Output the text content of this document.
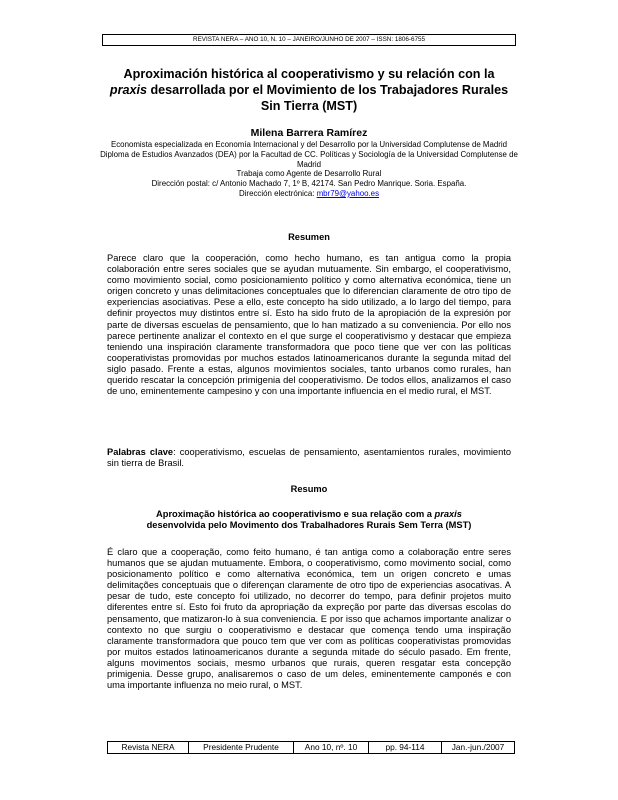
REVISTA NERA – ANO 10, N. 10 – JANEIRO/JUNHO DE 2007 – ISSN: 1806-6755
Aproximación histórica al cooperativismo y su relación con la
praxis desarrollada por el Movimiento de los Trabajadores Rurales Sin Tierra (MST)
Milena Barrera Ramírez
Economista especializada en Economía Internacional y del Desarrollo por la Universidad Complutense de Madrid
Diploma de Estudios Avanzados (DEA) por la Facultad de CC. Políticas y Sociología de la Universidad Complutense de Madrid
Trabaja como Agente de Desarrollo Rural
Dirección postal: c/ Antonio Machado 7, 1º B, 42174. San Pedro Manrique. Soria. España.
Dirección electrónica: mbr79@yahoo.es
Resumen

Parece claro que la cooperación, como hecho humano, es tan antigua como la propia colaboración entre seres sociales que se ayudan mutuamente. Sin embargo, el cooperativismo, como movimiento social, como posicionamiento político y como alternativa económica, tiene un origen concreto y unas delimitaciones conceptuales que lo diferencian claramente de otro tipo de experiencias asociativas. Pese a ello, este concepto ha sido utilizado, a lo largo del tiempo, para definir proyectos muy distintos entre sí. Esto ha sido fruto de la apropiación de la expresión por parte de diversas escuelas de pensamiento, que lo han matizado a su conveniencia. Por ello nos parece pertinente analizar el contexto en el que surge el cooperativismo y destacar que empieza teniendo una inspiración claramente transformadora que poco tiene que ver con las políticas cooperativistas promovidas por muchos estados latinoamericanos durante la segunda mitad del siglo pasado. Frente a estas, algunos movimientos sociales, tanto urbanos como rurales, han querido rescatar la concepción primigenia del cooperativismo. De todos ellos, analizamos el caso de uno, eminentemente campesino y con una importante influencia en el medio rural, el MST.

Palabras clave: cooperativismo, escuelas de pensamiento, asentamientos rurales, movimiento sin tierra de Brasil.

Resumo
Aproximação histórica ao cooperativismo e sua relação com a praxis
desenvolvida pelo Movimento dos Trabalhadores Rurais Sem Terra (MST)

É claro que a cooperação, como feito humano, é tan antiga como a colaboração entre seres humanos que se ajudan mutuamente. Embora, o cooperativismo, como movimento social, como posicionamento político e como alternativa económica, tem un origen concreto e umas delimitações conceptuais que o diferençan claramente de otro tipo de experiencias asocativas. A pesar de tudo, este concepto foi utilizado, no decorrer do tempo, para definir projetos muito diferentes entre sí. Esto foi fruto da apropriação da expreção por parte das diversas escolas do pensamento, que matizaron-lo à sua conveniencia. E por isso que achamos importante analizar o contexto no que surgiu o cooperativismo e destacar que comença tendo uma inspiração claramente transformadora que pouco tem que ver com as políticas cooperativistas promovidas por muitos estados latinoamericanos durante a segunda mitade do século pasado. Em frente, alguns movimentos sociais, mesmo urbanos que rurais, queren resgatar esta concepção primigenia. Desse grupo, analisaremos o caso de um deles, eminentemente camponés e con uma importante influenza no meio rural, o MST.

Revista NERA	Presidente Prudente	Ano 10, nº. 10	pp. 94-114	Jan.-jun./2007
